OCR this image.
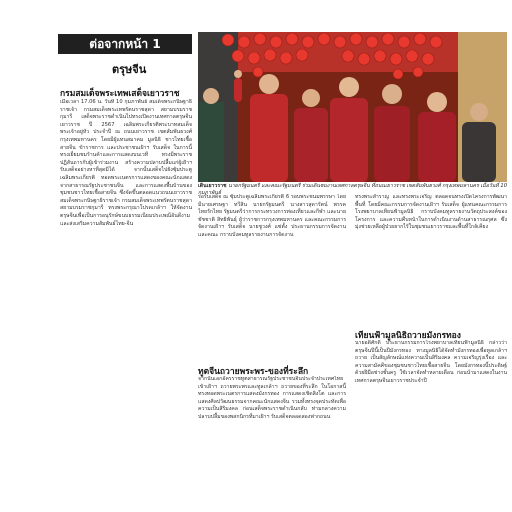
ต่อจากหน้า 1
ตรุษจีน
กรมสมเด็จพระเทพเสด็จเยาวราช
เมื่อเวลา 17.06 น. วันที่ 10 กุมภาพันธ์ สมเด็จพระกนิษฐาธิราชเจ้า กรมสมเด็จพระเทพรัตนราชสุดา สยามบรมราชกุมารี เสด็จพระราชดำเนินไปทรงเปิดงานเทศกาลตรุษจีนเยาวราช ปี 2567 เฉลิมพระเกียรติพระบาทสมเด็จพระเจ้าอยู่หัว ประจำปี ณ ถนนเยาวราช เขตสัมพันธวงศ์ กรุงเทพมหานคร โดยมีผู้แทนสมาคม มูลนิธิ ชาวไทยเชื้อสายจีน ข้าราชการ และประชาชนเฝ้าฯ รับเสด็จ ในการนี้ทรงเยี่ยมชมร้านค้าและการแสดงบนเวที ทรงมีพระราชปฏิสันถารกับผู้เข้าร่วมงาน สร้างความปลาบปลื้มแก่ผู้เฝ้าฯ รับเสด็จอย่างหาที่สุดมิได้ จากนั้นเสด็จไปยังซุ้มประตูเฉลิมพระเกียรติ ทอดพระเนตรการแสดงของคณะนักแสดงจากสาธารณรัฐประชาชนจีน และการแสดงพื้นบ้านของชุมชนชาวไทยเชื้อสายจีน ซึ่งจัดขึ้นตลอดแนวถนนเยาวราช สมเด็จพระกนิษฐาธิราชเจ้า กรมสมเด็จพระเทพรัตนราชสุดา สยามบรมราชกุมารี ทรงพระกรุณาโปรดเกล้าฯ ให้จัดงานตรุษจีนเพื่อเป็นการอนุรักษ์ขนบธรรมเนียมประเพณีอันดีงาม และส่งเสริมความสัมพันธ์ไทย-จีน
เดินเยาวราช นายกรัฐมนตรี และคณะรัฐมนตรี ร่วมเดินชมงานเทศกาลตรุษจีน ที่ถนนเยาวราช เขตสัมพันธวงศ์ กรุงเทพมหานคร เมื่อวันที่ 10 กุมภาพันธ์
รอรับเสด็จ ณ ซุ้มประตูเฉลิมพระเกียรติ 6 รอบพระชนมพรรษา โดยมีนายเศรษฐา ทวีสิน นายกรัฐมนตรี นางสาวสุดารัตน์ พรรคไทยรักไทย รัฐมนตรีว่าการกระทรวงการท่องเที่ยวและกีฬา และนายชัชชาติ สิทธิพันธุ์ ผู้ว่าราชการกรุงเทพมหานคร และคณะกรรมการจัดงานเฝ้าฯ รับเสด็จ นายชูวงศ์ แซ่ตั้ง ประธานกรรมการจัดงาน และคณะ กราบบังคมทูลรายงานการจัดงาน
ทูตจีนถวายพระพร-ของที่ระลึก
จากนั้นเอกอัครราชทูตสาธารณรัฐประชาชนจีนประจำประเทศไทยเข้าเฝ้าฯ ถวายพระพรและทูลเกล้าฯ ถวายของที่ระลึก ในโอกาสนี้ทรงทอดพระเนตรการแสดงมังกรทอง การแสดงเชิดสิงโต และการแสดงศิลปวัฒนธรรมจากคณะนักแสดงจีน รวมทั้งทรงจุดประทัดเพื่อความเป็นสิริมงคล ก่อนเสด็จพระราชดำเนินกลับ ท่ามกลางความปลาบปลื้มของพสกนิกรที่มาเฝ้าฯ รับเสด็จตลอดสองฟากถนน
ทรงพระสำราญ และทรงพระเจริญ ตลอดจนทรงเปิดโครงการพัฒนาพื้นที่ โดยมีคณะกรรมการจัดงานเฝ้าฯ รับเสด็จ ผู้แทนคณะกรรมการโรงพยาบาลเทียนฟ้ามูลนิธิ กราบบังคมทูลรายงานวัตถุประสงค์ของโครงการ และความคืบหน้าในการดำเนินงานด้านสาธารณกุศล ซึ่งมุ่งช่วยเหลือผู้ป่วยยากไร้ในชุมชนเยาวราชและพื้นที่ใกล้เคียง
เทียนฟ้ามูลนิธิถวายมังกรทอง
นายอดิศักดิ์ ประธานกรรมการโรงพยาบาลเทียนฟ้ามูลนิธิ กล่าวว่า ตรุษจีนปีนี้เป็นปีมังกรทอง ทางมูลนิธิได้จัดทำมังกรทองเพื่อทูลเกล้าฯ ถวาย เป็นสัญลักษณ์แห่งความเป็นสิริมงคล ความเจริญรุ่งเรือง และความสามัคคีของชุมชนชาวไทยเชื้อสายจีน โดยมังกรทองนี้ประดิษฐ์ด้วยฝีมือช่างชั้นครู ใช้เวลาจัดทำหลายเดือน ก่อนนำมาแสดงในงานเทศกาลตรุษจีนเยาวราชประจำปี
